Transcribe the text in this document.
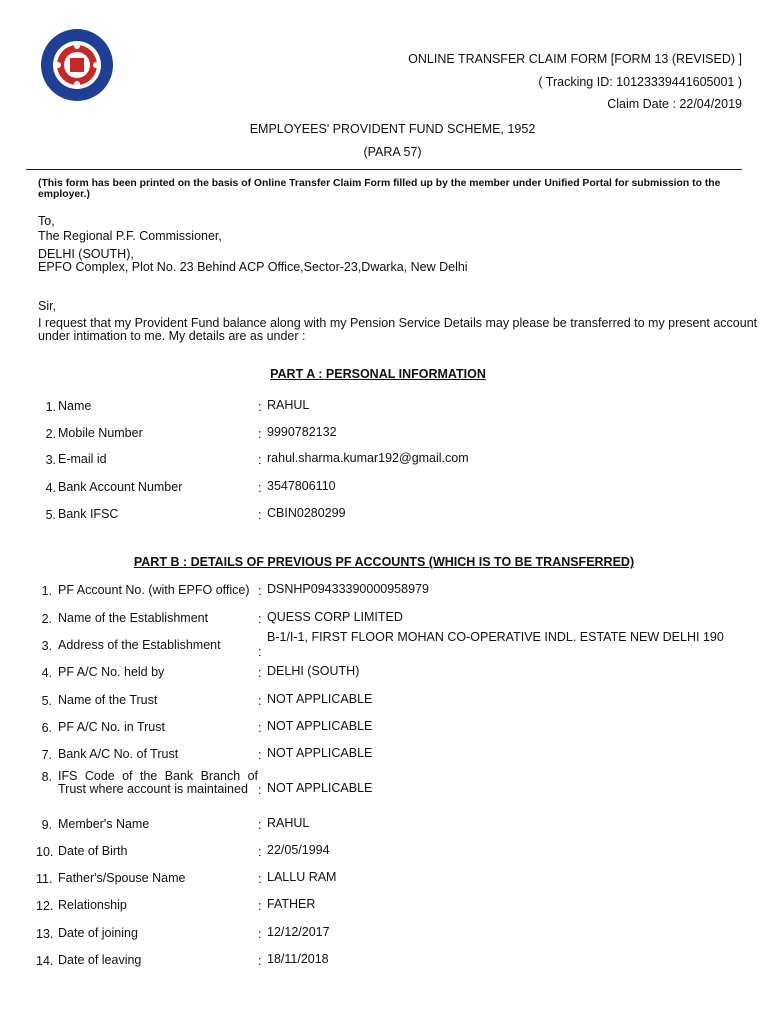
ONLINE TRANSFER CLAIM FORM [FORM 13 (REVISED) ]
( Tracking ID: 10123339441605001 )
Claim Date : 22/04/2019
EMPLOYEES' PROVIDENT FUND SCHEME, 1952
(PARA 57)
(This form has been printed on the basis of Online Transfer Claim Form filled up by the member under Unified Portal for submission to the employer.)
To,
The Regional P.F. Commissioner,
DELHI (SOUTH),
EPFO Complex, Plot No. 23 Behind ACP Office,Sector-23,Dwarka, New Delhi
Sir,
I request that my Provident Fund balance along with my Pension Service Details may please be transferred to my present account under intimation to me. My details are as under :
PART A : PERSONAL INFORMATION
1. Name	: RAHUL
2. Mobile Number	: 9990782132
3. E-mail id	: rahul.sharma.kumar192@gmail.com
4. Bank Account Number	: 3547806110
5. Bank IFSC	: CBIN0280299
PART B : DETAILS OF PREVIOUS PF ACCOUNTS (WHICH IS TO BE TRANSFERRED)
1. PF Account No. (with EPFO office) : DSNHP09433390000958979
2. Name of the Establishment	: QUESS CORP LIMITED
3. Address of the Establishment	:
B-1/I-1, FIRST FLOOR MOHAN CO-OPERATIVE INDL. ESTATE NEW DELHI 190
4. PF A/C No. held by	: DELHI (SOUTH)
5. Name of the Trust	: NOT APPLICABLE
6. PF A/C No. in Trust	: NOT APPLICABLE
7. Bank A/C No. of Trust	: NOT APPLICABLE
8. IFS Code of the Bank Branch of Trust where account is maintained : NOT APPLICABLE
9. Member's Name	: RAHUL
10. Date of Birth	: 22/05/1994
11. Father's/Spouse Name	: LALLU RAM
12. Relationship	: FATHER
13. Date of joining	: 12/12/2017
14. Date of leaving	: 18/11/2018
